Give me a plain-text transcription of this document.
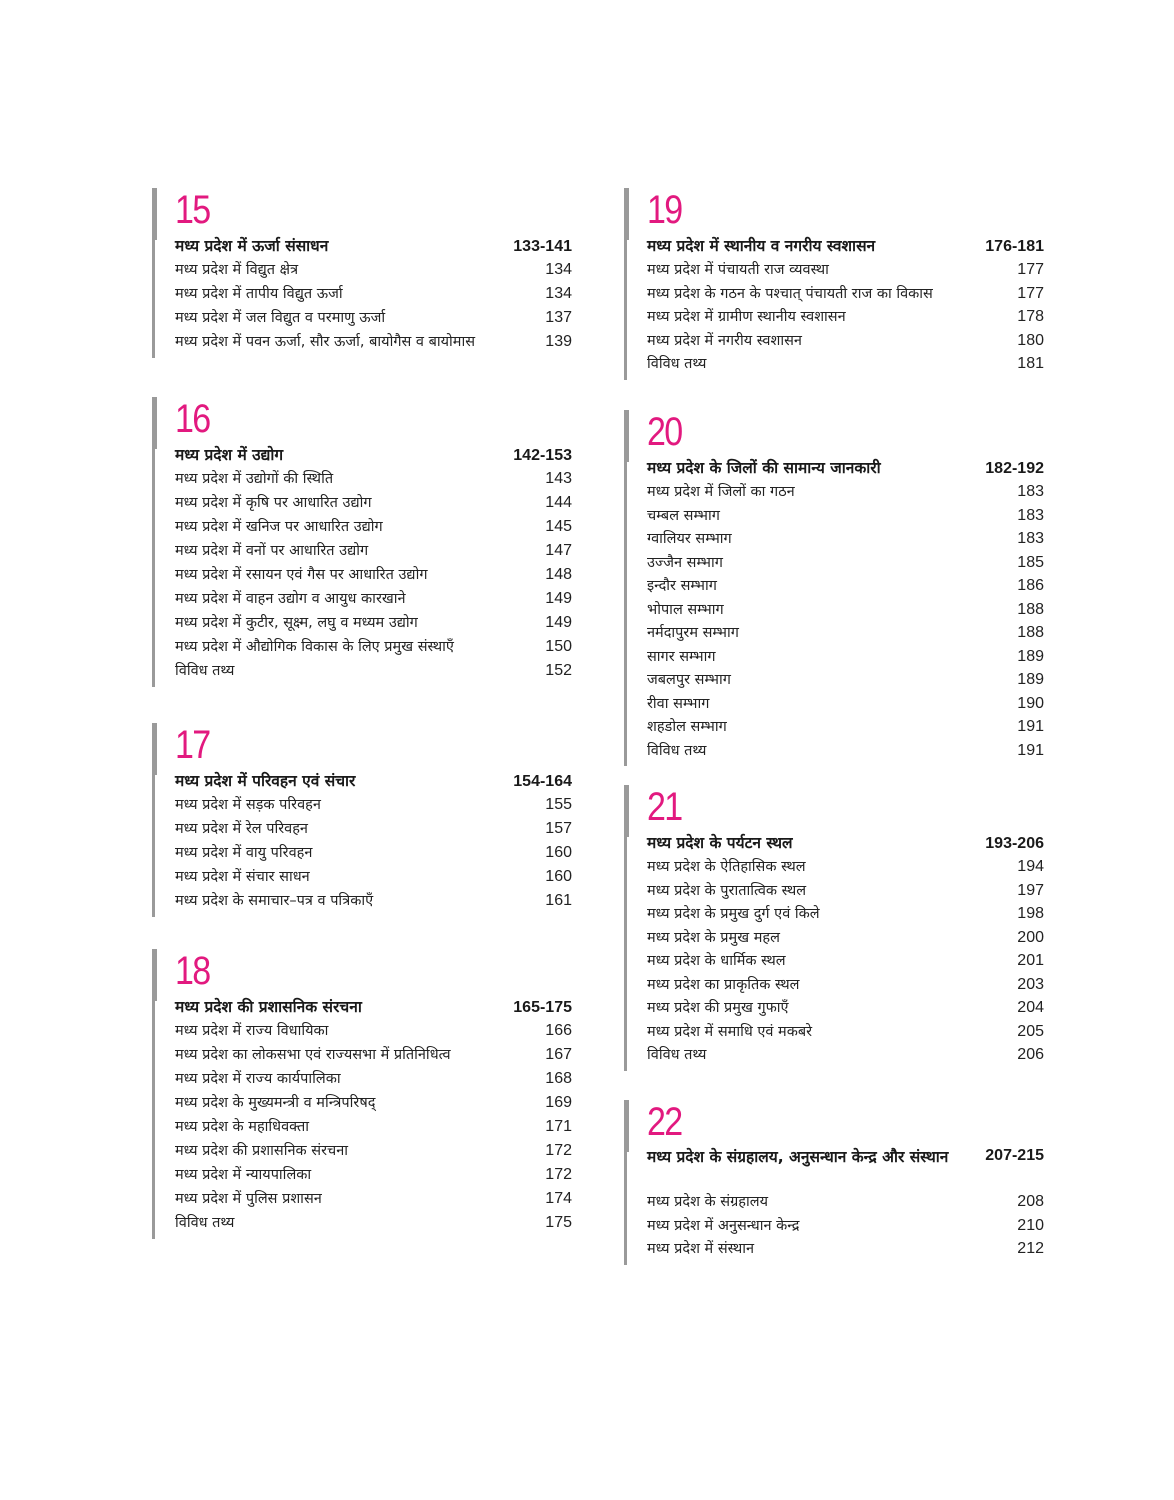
15
मध्य प्रदेश में ऊर्जा संसाधन	133-141
मध्य प्रदेश में विद्युत क्षेत्र	134
मध्य प्रदेश में तापीय विद्युत ऊर्जा	134
मध्य प्रदेश में जल विद्युत व परमाणु ऊर्जा	137
मध्य प्रदेश में पवन ऊर्जा, सौर ऊर्जा, बायोगैस व बायोमास	139
16
मध्य प्रदेश में उद्योग	142-153
मध्य प्रदेश में उद्योगों की स्थिति	143
मध्य प्रदेश में कृषि पर आधारित उद्योग	144
मध्य प्रदेश में खनिज पर आधारित उद्योग	145
मध्य प्रदेश में वनों पर आधारित उद्योग	147
मध्य प्रदेश में रसायन एवं गैस पर आधारित उद्योग	148
मध्य प्रदेश में वाहन उद्योग व आयुध कारखाने	149
मध्य प्रदेश में कुटीर, सूक्ष्म, लघु व मध्यम उद्योग	149
मध्य प्रदेश में औद्योगिक विकास के लिए प्रमुख संस्थाएँ	150
विविध तथ्य	152
17
मध्य प्रदेश में परिवहन एवं संचार	154-164
मध्य प्रदेश में सड़क परिवहन	155
मध्य प्रदेश में रेल परिवहन	157
मध्य प्रदेश में वायु परिवहन	160
मध्य प्रदेश में संचार साधन	160
मध्य प्रदेश के समाचार–पत्र व पत्रिकाएँ	161
18
मध्य प्रदेश की प्रशासनिक संरचना	165-175
मध्य प्रदेश में राज्य विधायिका	166
मध्य प्रदेश का लोकसभा एवं राज्यसभा में प्रतिनिधित्व	167
मध्य प्रदेश में राज्य कार्यपालिका	168
मध्य प्रदेश के मुख्यमन्त्री व मन्त्रिपरिषद्	169
मध्य प्रदेश के महाधिवक्ता	171
मध्य प्रदेश की प्रशासनिक संरचना	172
मध्य प्रदेश में न्यायपालिका	172
मध्य प्रदेश में पुलिस प्रशासन	174
विविध तथ्य	175
19
मध्य प्रदेश में स्थानीय व नगरीय स्वशासन	176-181
मध्य प्रदेश में पंचायती राज व्यवस्था	177
मध्य प्रदेश के गठन के पश्चात् पंचायती राज का विकास	177
मध्य प्रदेश में ग्रामीण स्थानीय स्वशासन	178
मध्य प्रदेश में नगरीय स्वशासन	180
विविध तथ्य	181
20
मध्य प्रदेश के जिलों की सामान्य जानकारी	182-192
मध्य प्रदेश में जिलों का गठन	183
चम्बल सम्भाग	183
ग्वालियर सम्भाग	183
उज्जैन सम्भाग	185
इन्दौर सम्भाग	186
भोपाल सम्भाग	188
नर्मदापुरम सम्भाग	188
सागर सम्भाग	189
जबलपुर सम्भाग	189
रीवा सम्भाग	190
शहडोल सम्भाग	191
विविध तथ्य	191
21
मध्य प्रदेश के पर्यटन स्थल	193-206
मध्य प्रदेश के ऐतिहासिक स्थल	194
मध्य प्रदेश के पुरातात्विक स्थल	197
मध्य प्रदेश के प्रमुख दुर्ग एवं किले	198
मध्य प्रदेश के प्रमुख महल	200
मध्य प्रदेश के धार्मिक स्थल	201
मध्य प्रदेश का प्राकृतिक स्थल	203
मध्य प्रदेश की प्रमुख गुफाएँ	204
मध्य प्रदेश में समाधि एवं मकबरे	205
विविध तथ्य	206
22
मध्य प्रदेश के संग्रहालय, अनुसन्धान केन्द्र और संस्थान 207-215
मध्य प्रदेश के संग्रहालय	208
मध्य प्रदेश में अनुसन्धान केन्द्र	210
मध्य प्रदेश में संस्थान	212
